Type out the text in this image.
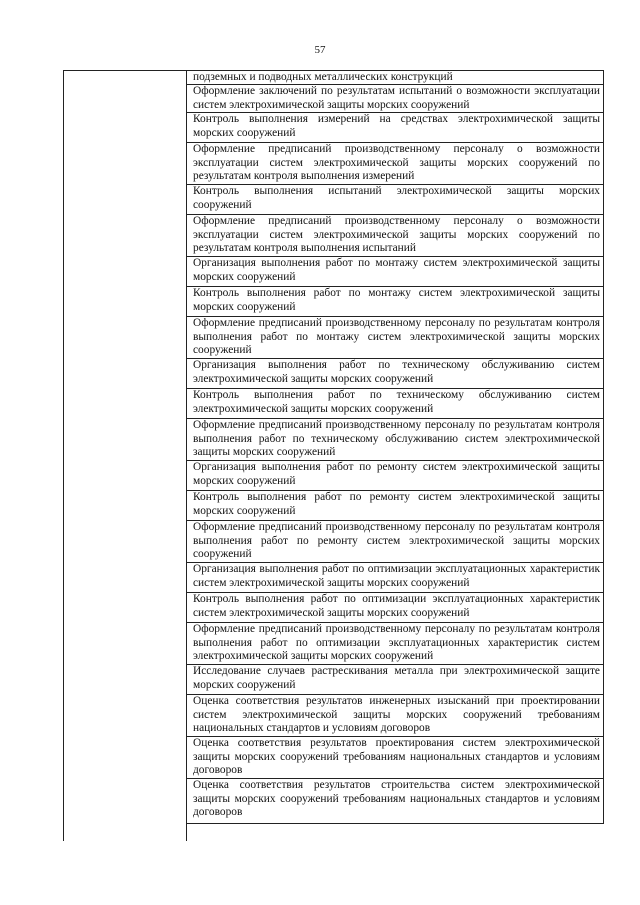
57
подземных и подводных металлических конструкций
Оформление заключений по результатам испытаний о возможности эксплуатации систем электрохимической защиты морских сооружений
Контроль выполнения измерений на средствах электрохимической защиты морских сооружений
Оформление предписаний производственному персоналу о возможности эксплуатации систем электрохимической защиты морских сооружений по результатам контроля выполнения измерений
Контроль выполнения испытаний электрохимической защиты морских сооружений
Оформление предписаний производственному персоналу о возможности эксплуатации систем электрохимической защиты морских сооружений по результатам контроля выполнения испытаний
Организация выполнения работ по монтажу систем электрохимической защиты морских сооружений
Контроль выполнения работ по монтажу систем электрохимической защиты морских сооружений
Оформление предписаний производственному персоналу по результатам контроля выполнения работ по монтажу систем электрохимической защиты морских сооружений
Организация выполнения работ по техническому обслуживанию систем электрохимической защиты морских сооружений
Контроль выполнения работ по техническому обслуживанию систем электрохимической защиты морских сооружений
Оформление предписаний производственному персоналу по результатам контроля выполнения работ по техническому обслуживанию систем электрохимической защиты морских сооружений
Организация выполнения работ по ремонту систем электрохимической защиты морских сооружений
Контроль выполнения работ по ремонту систем электрохимической защиты морских сооружений
Оформление предписаний производственному персоналу по результатам контроля выполнения работ по ремонту систем электрохимической защиты морских сооружений
Организация выполнения работ по оптимизации эксплуатационных характеристик систем электрохимической защиты морских сооружений
Контроль выполнения работ по оптимизации эксплуатационных характеристик систем электрохимической защиты морских сооружений
Оформление предписаний производственному персоналу по результатам контроля выполнения работ по оптимизации эксплуатационных характеристик систем электрохимической защиты морских сооружений
Исследование случаев растрескивания металла при электрохимической защите морских сооружений
Оценка соответствия результатов инженерных изысканий при проектировании систем электрохимической защиты морских сооружений требованиям национальных стандартов и условиям договоров
Оценка соответствия результатов проектирования систем электрохимической защиты морских сооружений требованиям национальных стандартов и условиям договоров
Оценка соответствия результатов строительства систем электрохимической защиты морских сооружений требованиям национальных стандартов и условиям договоров
